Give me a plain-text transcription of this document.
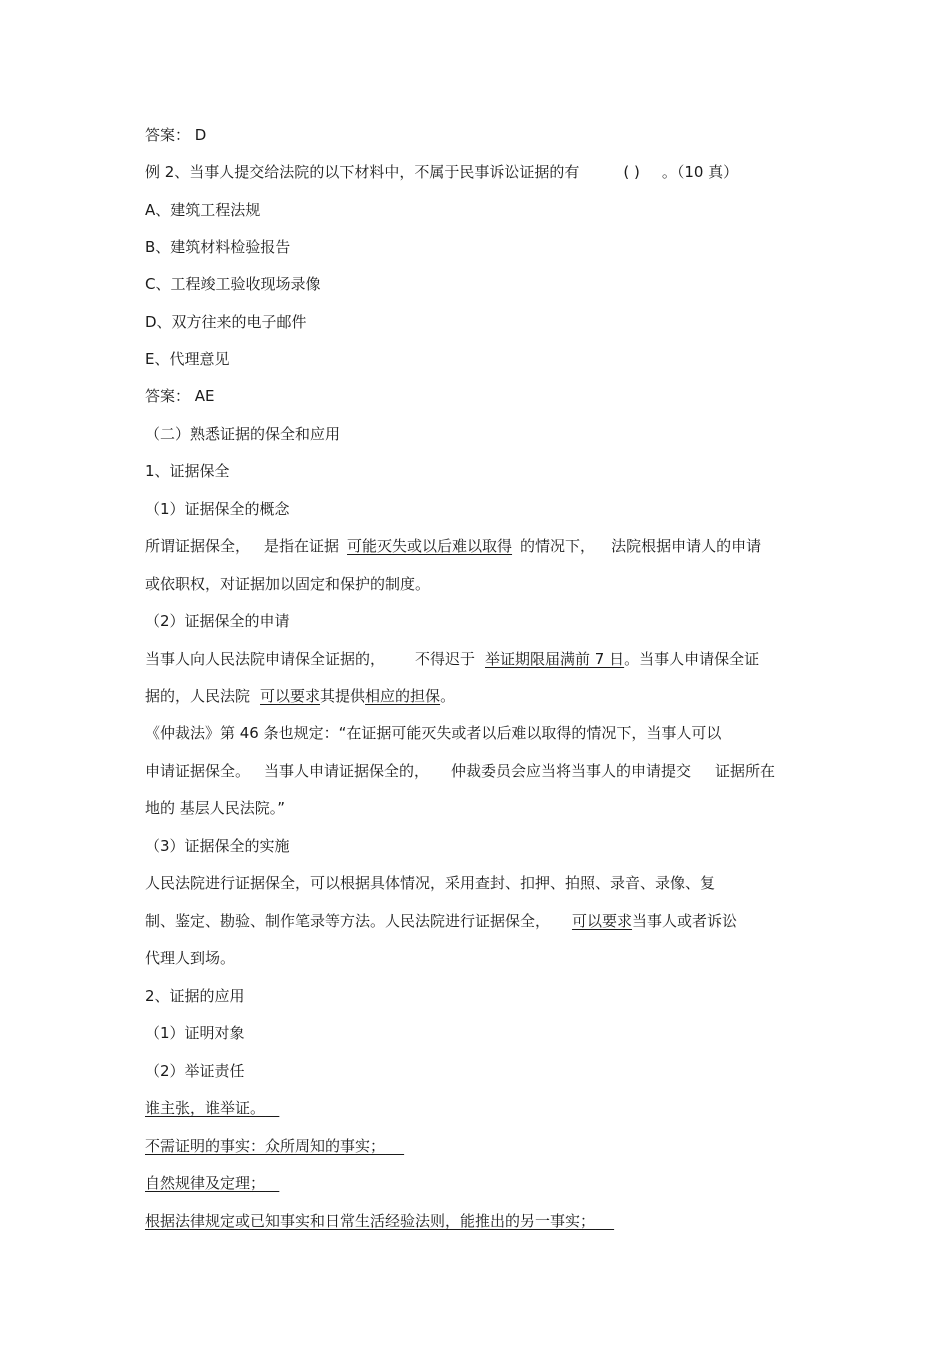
答案： D
例 2、当事人提交给法院的以下材料中，不属于民事诉讼证据的有	( ) 。（10 真）
A、建筑工程法规
B、建筑材料检验报告
C、工程竣工验收现场录像
D、双方往来的电子邮件
E、代理意见
答案： AE
（二）熟悉证据的保全和应用
1、证据保全
（1）证据保全的概念
所谓证据保全， 是指在证据 可能灭失或以后难以取得 的情况下， 法院根据申请人的申请
或依职权，对证据加以固定和保护的制度。
（2）证据保全的申请
当事人向人民法院申请保全证据的， 不得迟于 举证期限届满前 7 日。当事人申请保全证
据的，人民法院 可以要求其提供相应的担保。
《仲裁法》第 46 条也规定：“在证据可能灭失或者以后难以取得的情况下，当事人可以
申请证据保全。 当事人申请证据保全的， 仲裁委员会应当将当事人的申请提交 证据所在
地的 基层人民法院。”
（3）证据保全的实施
人民法院进行证据保全，可以根据具体情况，采用查封、扣押、拍照、录音、录像、复
制、鉴定、勘验、制作笔录等方法。人民法院进行证据保全， 可以要求当事人或者诉讼
代理人到场。
2、证据的应用
（1）证明对象
（2）举证责任
谁主张，谁举证。
不需证明的事实：众所周知的事实；
自然规律及定理；
根据法律规定或已知事实和日常生活经验法则，能推出的另一事实；
